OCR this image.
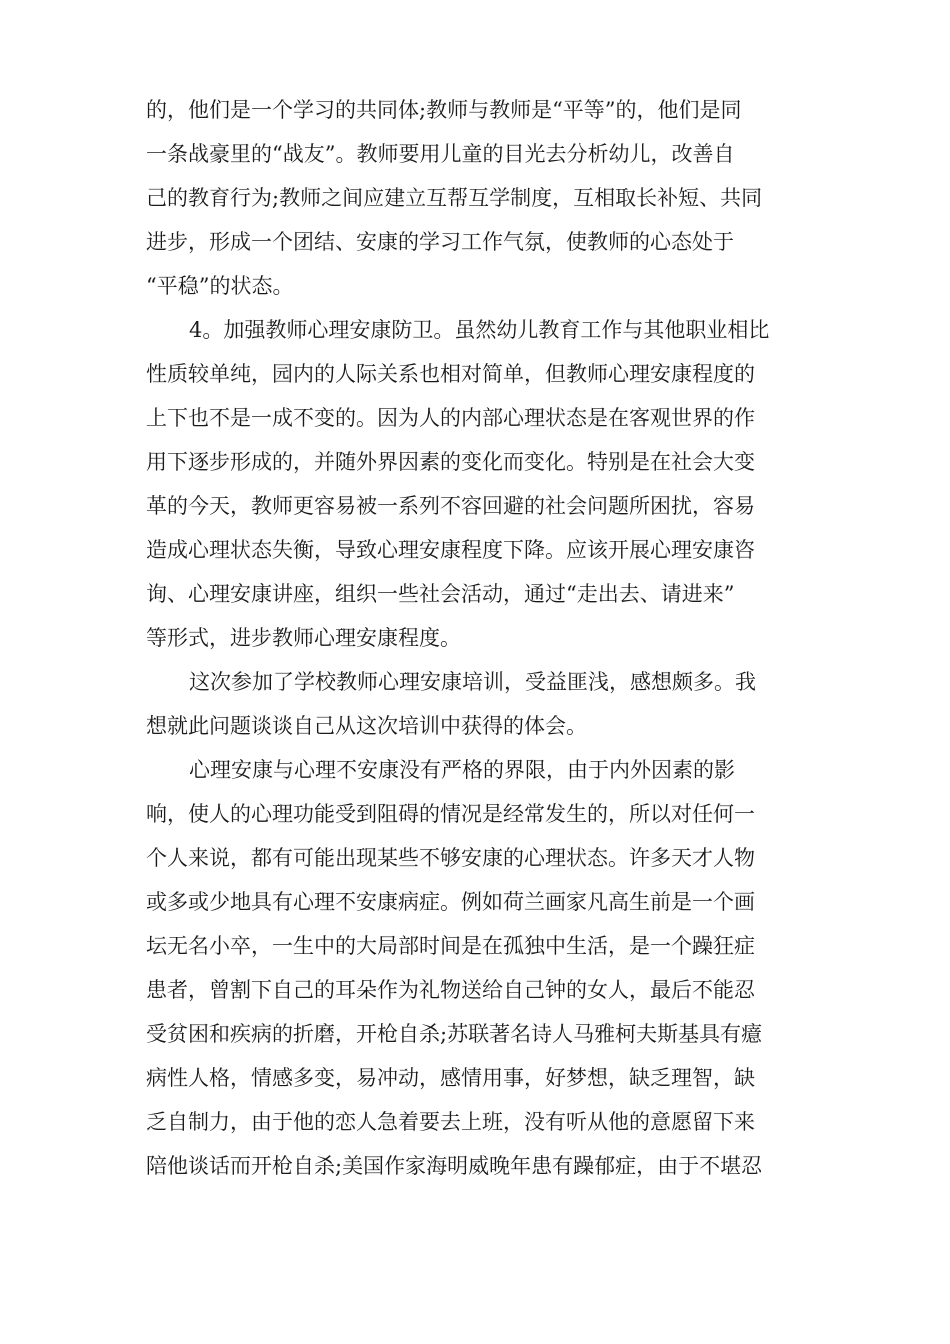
的，他们是一个学习的共同体;教师与教师是“平等”的，他们是同
一条战豪里的“战友”。教师要用儿童的目光去分析幼儿，改善自
己的教育行为;教师之间应建立互帮互学制度，互相取长补短、共同
进步，形成一个团结、安康的学习工作气氛，使教师的心态处于
“平稳”的状态。
4。加强教师心理安康防卫。虽然幼儿教育工作与其他职业相比
性质较单纯，园内的人际关系也相对简单，但教师心理安康程度的
上下也不是一成不变的。因为人的内部心理状态是在客观世界的作
用下逐步形成的，并随外界因素的变化而变化。特别是在社会大变
革的今天，教师更容易被一系列不容回避的社会问题所困扰，容易
造成心理状态失衡，导致心理安康程度下降。应该开展心理安康咨
询、心理安康讲座，组织一些社会活动，通过“走出去、请进来”
等形式，进步教师心理安康程度。
这次参加了学校教师心理安康培训，受益匪浅，感想颇多。我
想就此问题谈谈自己从这次培训中获得的体会。
心理安康与心理不安康没有严格的界限，由于内外因素的影
响，使人的心理功能受到阻碍的情况是经常发生的，所以对任何一
个人来说，都有可能出现某些不够安康的心理状态。许多天才人物
或多或少地具有心理不安康病症。例如荷兰画家凡高生前是一个画
坛无名小卒，一生中的大局部时间是在孤独中生活，是一个躁狂症
患者，曾割下自己的耳朵作为礼物送给自己钟的女人，最后不能忍
受贫困和疾病的折磨，开枪自杀;苏联著名诗人马雅柯夫斯基具有癔
病性人格，情感多变，易冲动，感情用事，好梦想，缺乏理智，缺
乏自制力，由于他的恋人急着要去上班，没有听从他的意愿留下来
陪他谈话而开枪自杀;美国作家海明威晚年患有躁郁症，由于不堪忍
